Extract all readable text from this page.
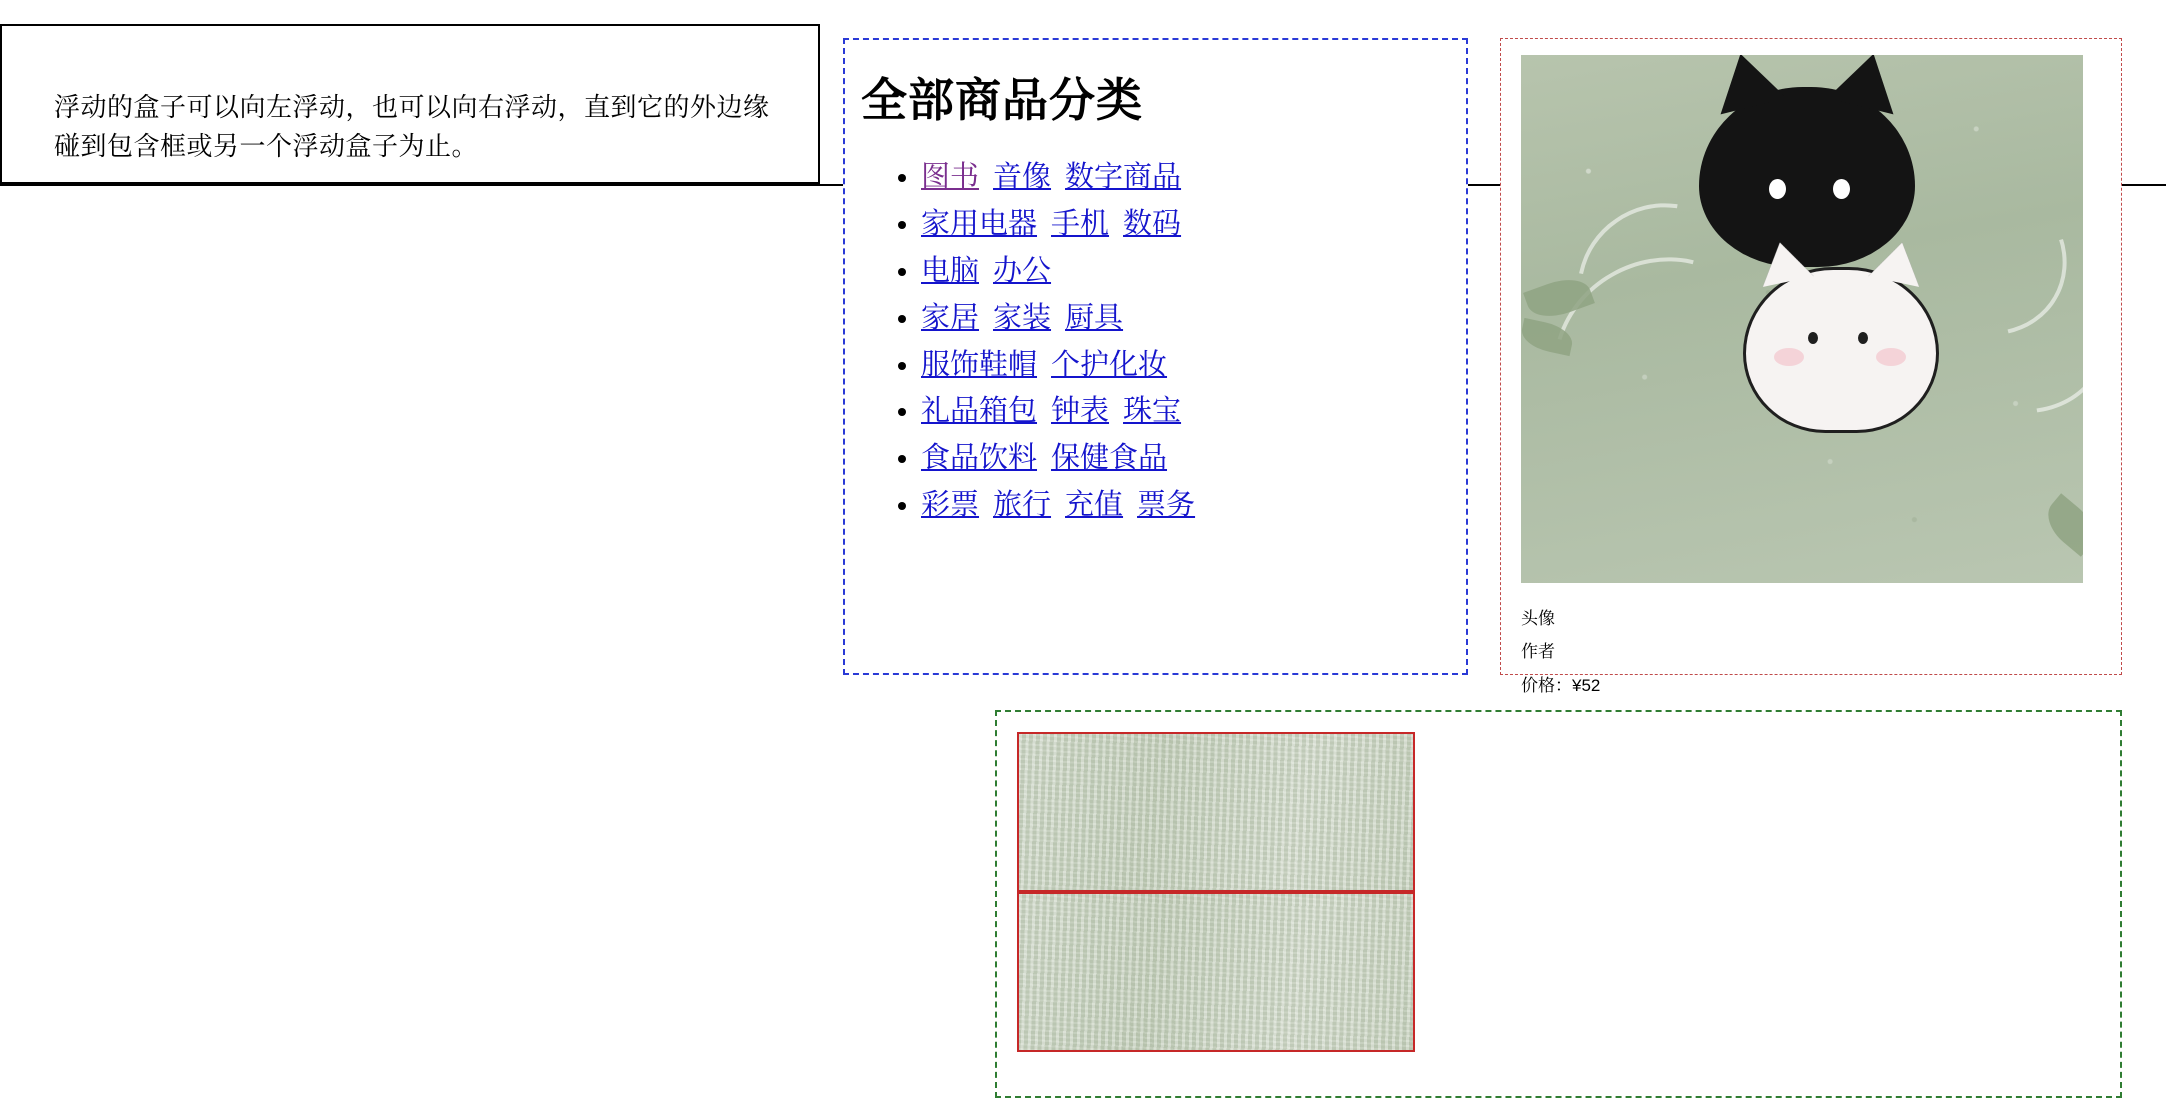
浮动的盒子可以向左浮动，也可以向右浮动，直到它的外边缘碰到包含框或另一个浮动盒子为止。

全部商品分类
• 图书 音像 数字商品
• 家用电器 手机 数码
• 电脑 办公
• 家居 家装 厨具
• 服饰鞋帽 个护化妆
• 礼品箱包 钟表 珠宝
• 食品饮料 保健食品
• 彩票 旅行 充值 票务
头像
作者
价格：¥52
